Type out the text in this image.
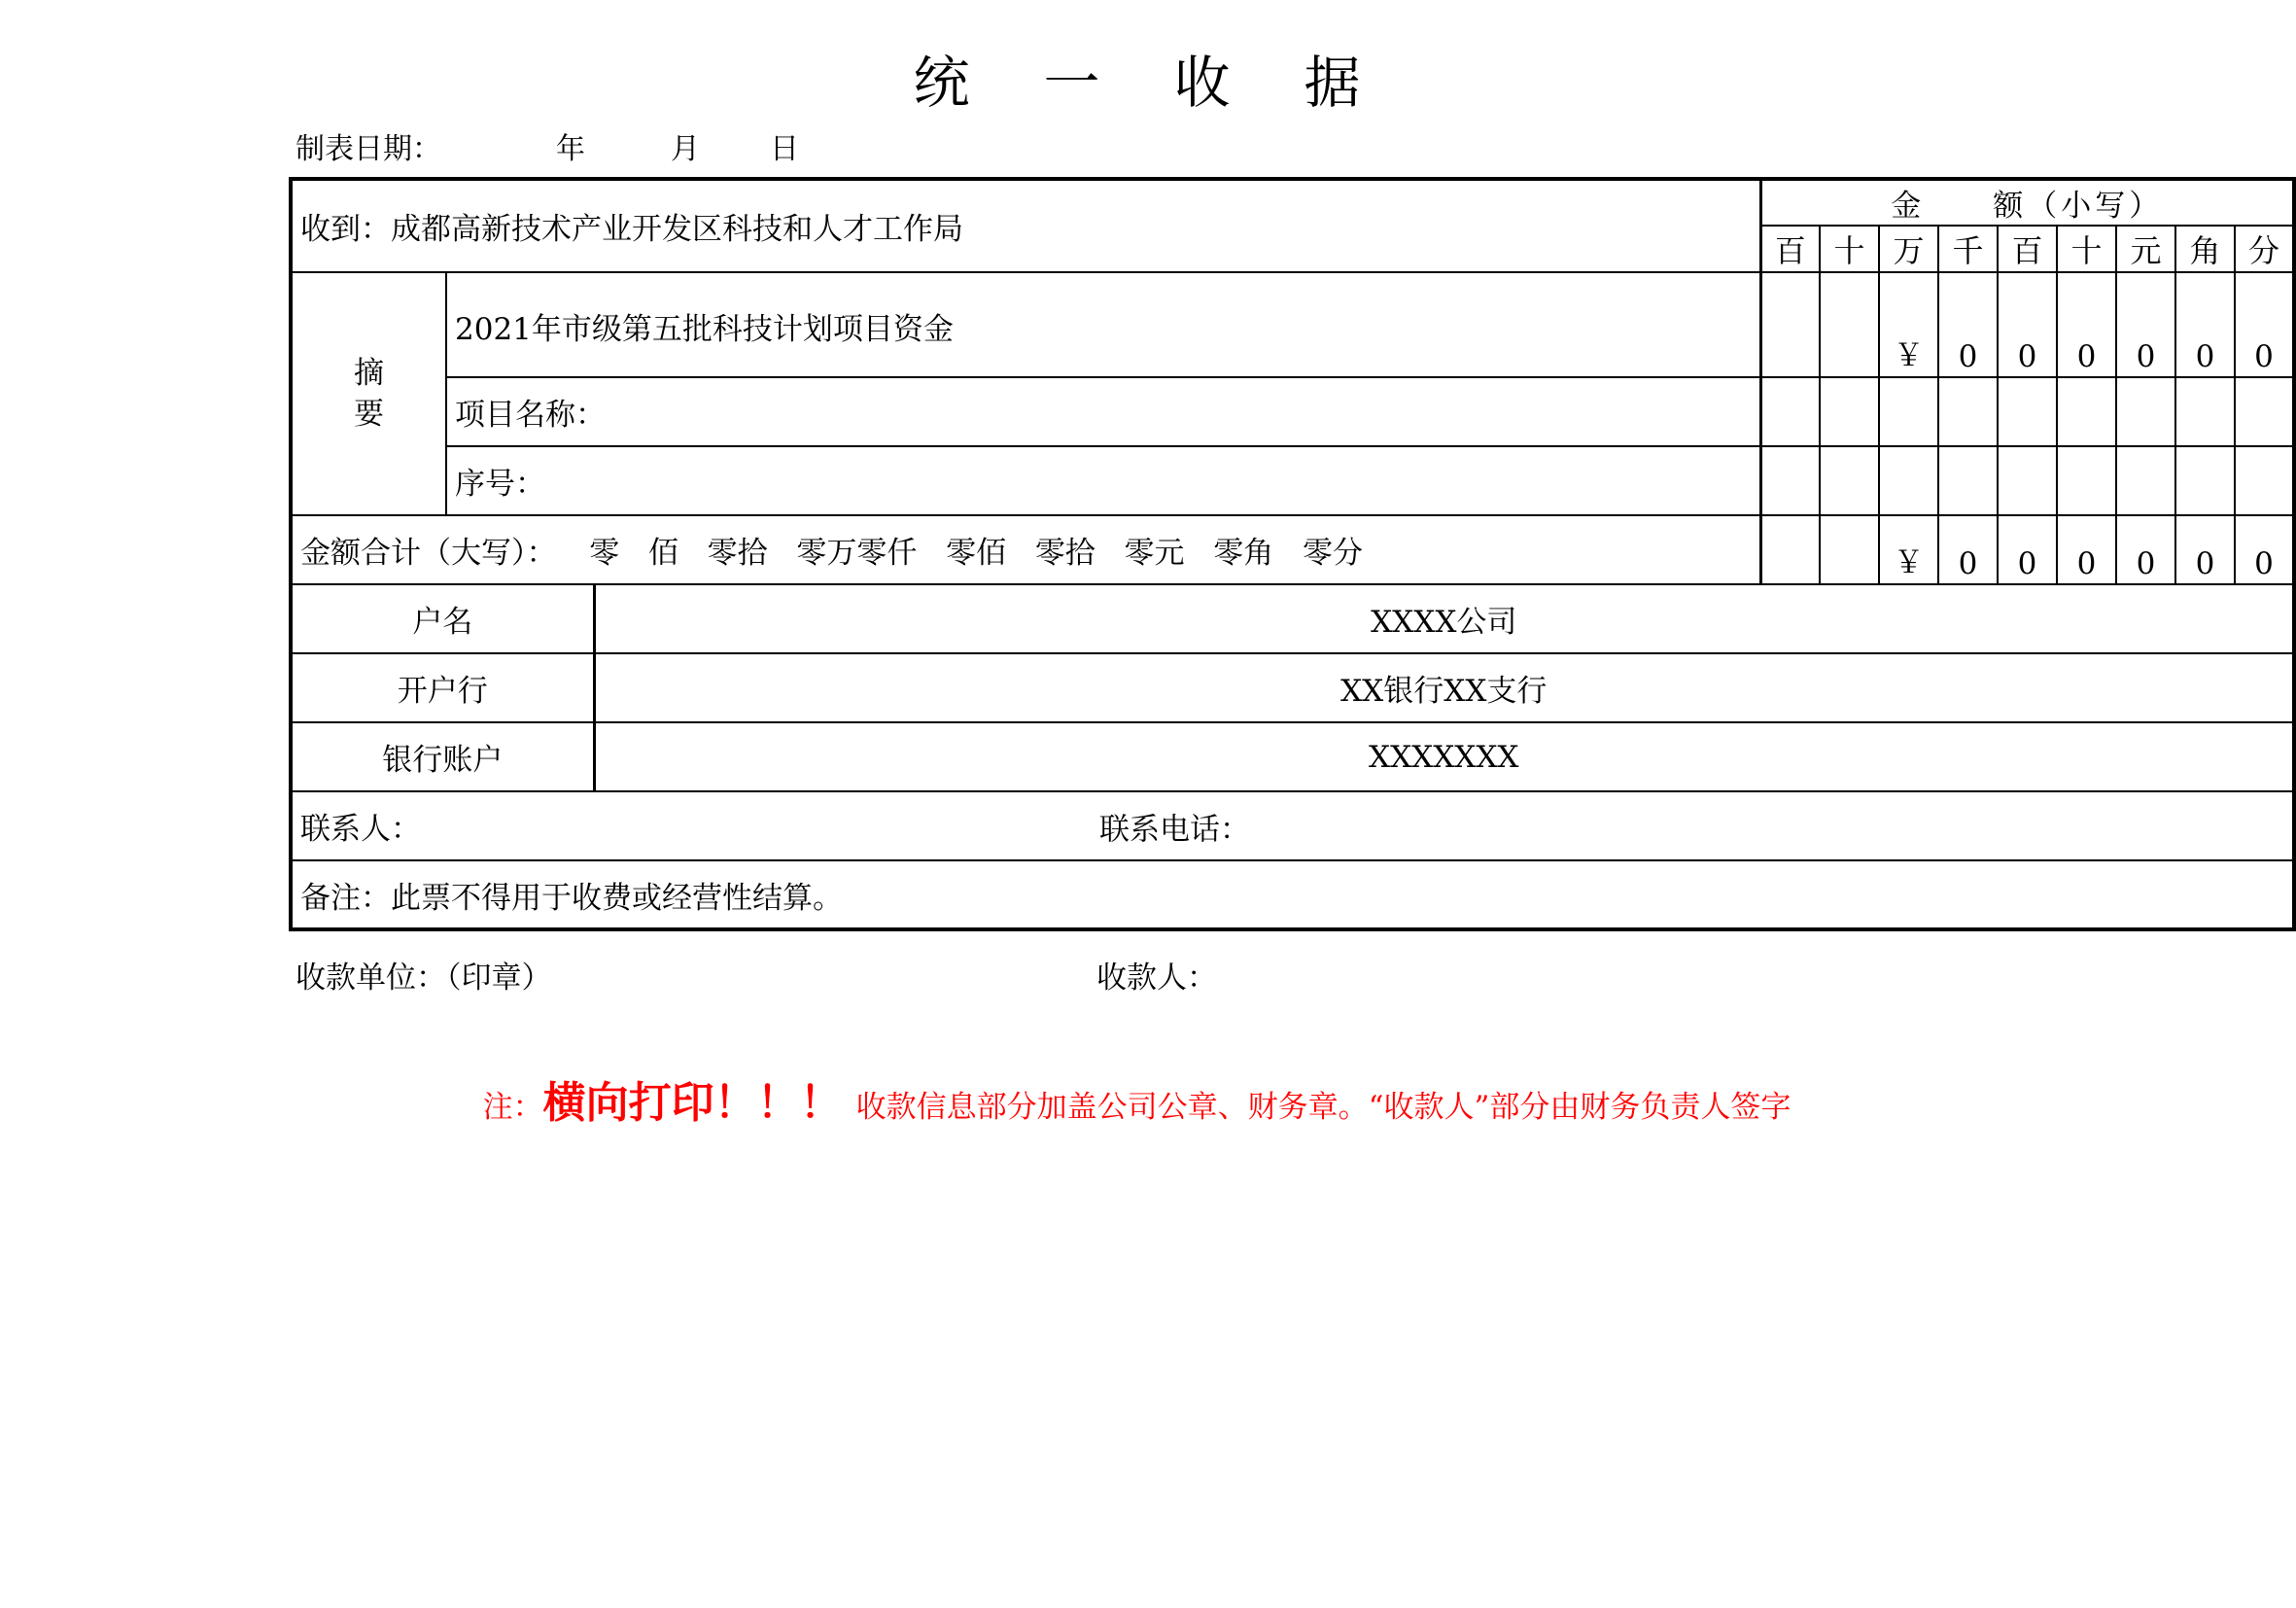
统 一 收 据
制表日期：	年	月 日
收到：成都高新技术产业开发区科技和人才工作局			金　　额（小写）								
			百	十	万	千	百	十	元	角	分

摘
要	2021年市级第五批科技计划项目资金				￥	0	0	0	0	0	0
	项目名称：										
	序号：										
金额合计（大写）： 零 佰 零拾 零万零仟 零佰 零拾 零元 零角 零分					￥	0	0	0	0	0	0
户名		XXXX公司									
开户行		XX银行XX支行									
银行账户		XXXXXXX									
联系人： 联系电话：											

备注：此票不得用于收费或经营性结算。											
收款单位：（印章）	收款人：
注：横向打印！！！ 收款信息部分加盖公司公章、财务章。“收款人”部分由财务负责人签字
